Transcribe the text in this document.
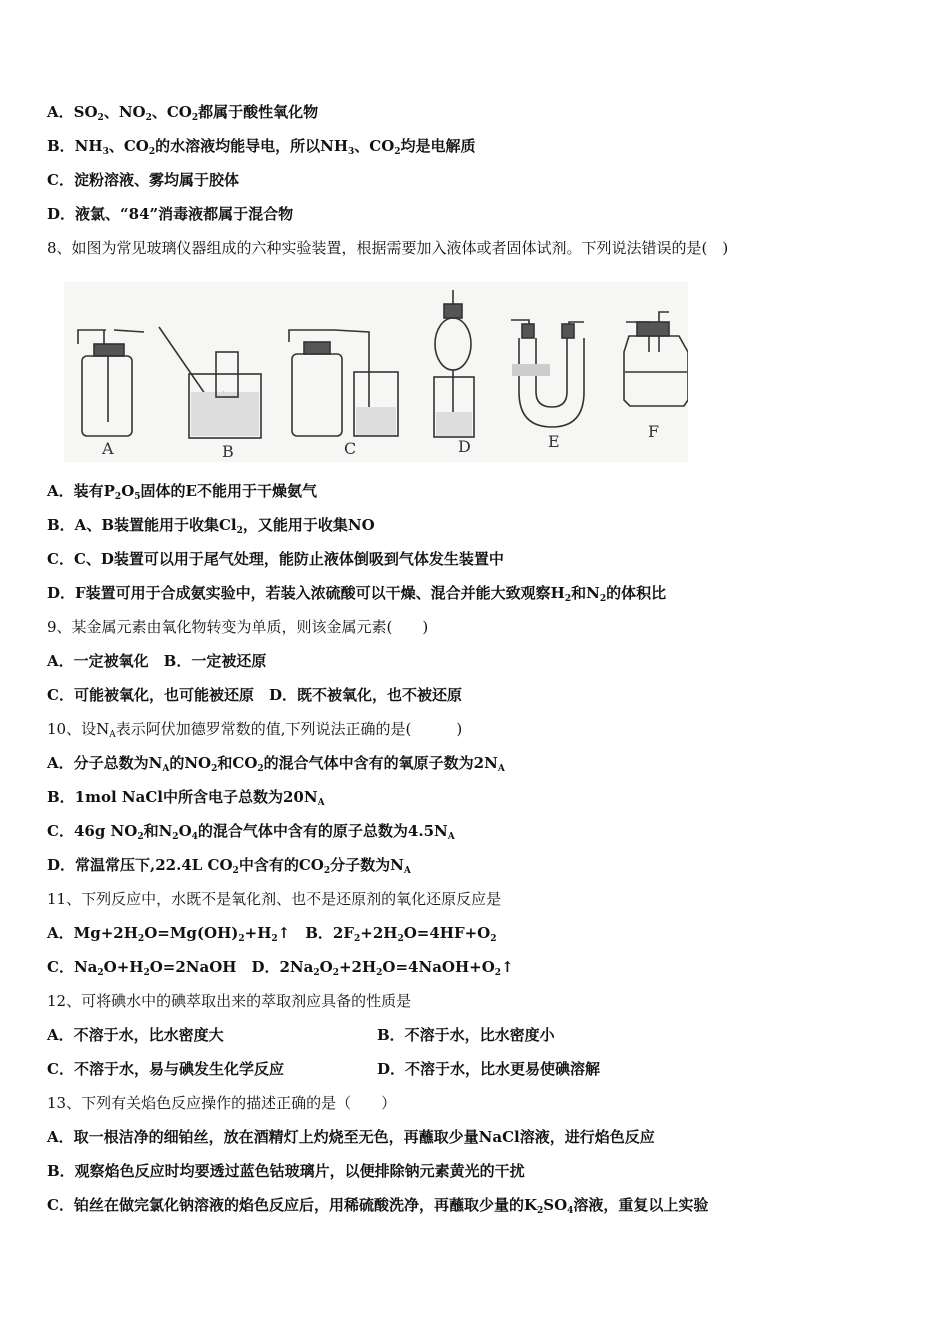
A．$SO_2$、$NO_2$、$CO_2$都属于酸性氧化物
B．$NH_3$、$CO_2$的水溶液均能导电，所以$NH_3$、$CO_2$均是电解质
C．淀粉溶液、雾均属于胶体
D．液氯、“84”消毒液都属于混合物
8、如图为常见玻璃仪器组成的六种实验装置，根据需要加入液体或者固体试剂。下列说法错误的是(　)
A	B	C	D	E
F
A．装有$P_2O_5$固体的E不能用于干燥氨气
B．A、B装置能用于收集$Cl_2$，又能用于收集NO
C．C、D装置可以用于尾气处理，能防止液体倒吸到气体发生装置中
D．F装置可用于合成氨实验中，若装入浓硫酸可以干燥、混合并能大致观察$H_2$和$N_2$的体积比
9、某金属元素由氧化物转变为单质，则该金属元素(　　)
A．一定被氧化　B．一定被还原
C．可能被氧化，也可能被还原　D．既不被氧化，也不被还原
10、设$N_A$表示阿伏加德罗常数的值,下列说法正确的是(　　　)
A．分子总数为$N_A$的$NO_2$和$CO_2$的混合气体中含有的氧原子数为$2N_A$
B．1mol NaCl中所含电子总数为$20N_A$
C．46g $NO_2$和$N_2O_4$的混合气体中含有的原子总数为$4.5N_A$
D．常温常压下,22.4L $CO_2$中含有的$CO_2$分子数为$N_A$
11、下列反应中，水既不是氧化剂、也不是还原剂的氧化还原反应是
A．$Mg+2H_2O=Mg(OH)_2+H_2↑$　B．$2F_2+2H_2O=4HF+O_2$
C．$Na_2O+H_2O=2NaOH$　D．$2Na_2O_2+2H_2O=4NaOH+O_2↑$
12、可将碘水中的碘萃取出来的萃取剂应具备的性质是
A．不溶于水，比水密度大	B．不溶于水，比水密度小
C．不溶于水，易与碘发生化学反应	D．不溶于水，比水更易使碘溶解
13、下列有关焰色反应操作的描述正确的是（　　）
A．取一根洁净的细铂丝，放在酒精灯上灼烧至无色，再蘸取少量NaCl溶液，进行焰色反应
B．观察焰色反应时均要透过蓝色钴玻璃片，以便排除钠元素黄光的干扰
C．铂丝在做完氯化钠溶液的焰色反应后，用稀硫酸洗净，再蘸取少量的$K_2SO_4$溶液，重复以上实验
